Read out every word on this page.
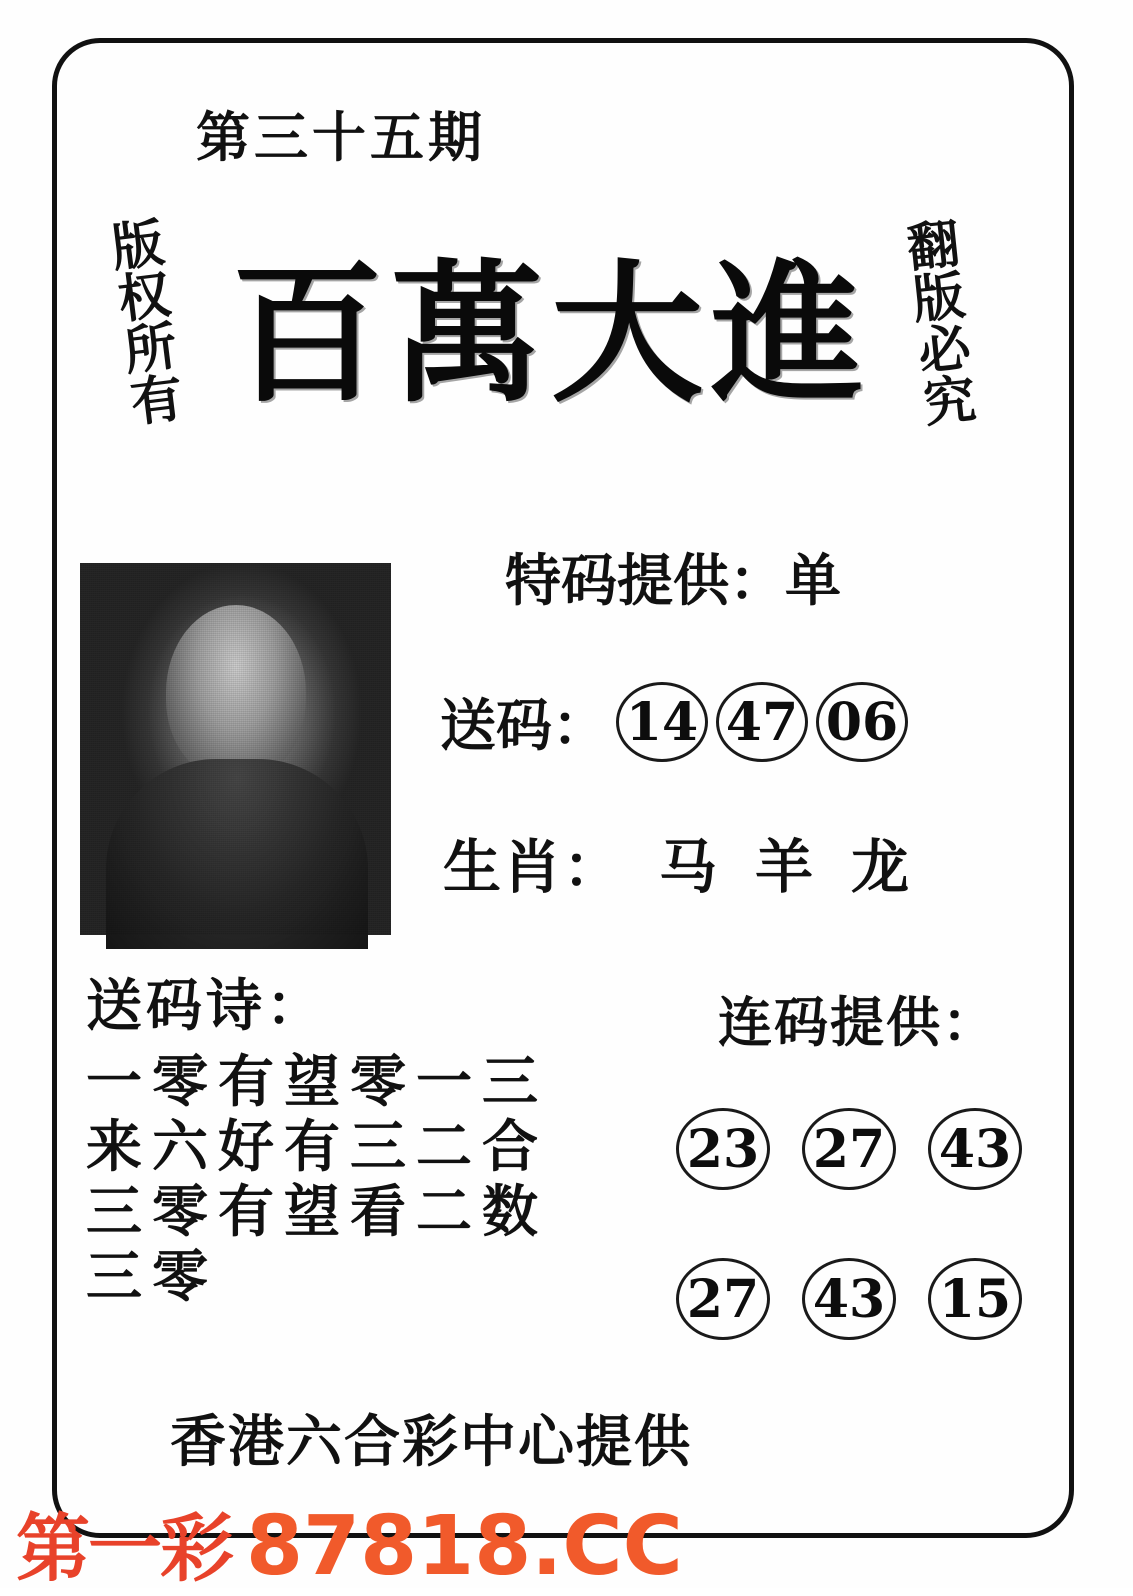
第三十五期
版权所有	翻版必究
百萬大進
特码提供：单
送码： 14 47 06
生肖： 马 羊 龙
送码诗：
一零有望零一三
来六好有三二合
三零有望看二数
三零
连码提供：
23 27 43
27 43 15
香港六合彩中心提供
第一彩 87818.CC
